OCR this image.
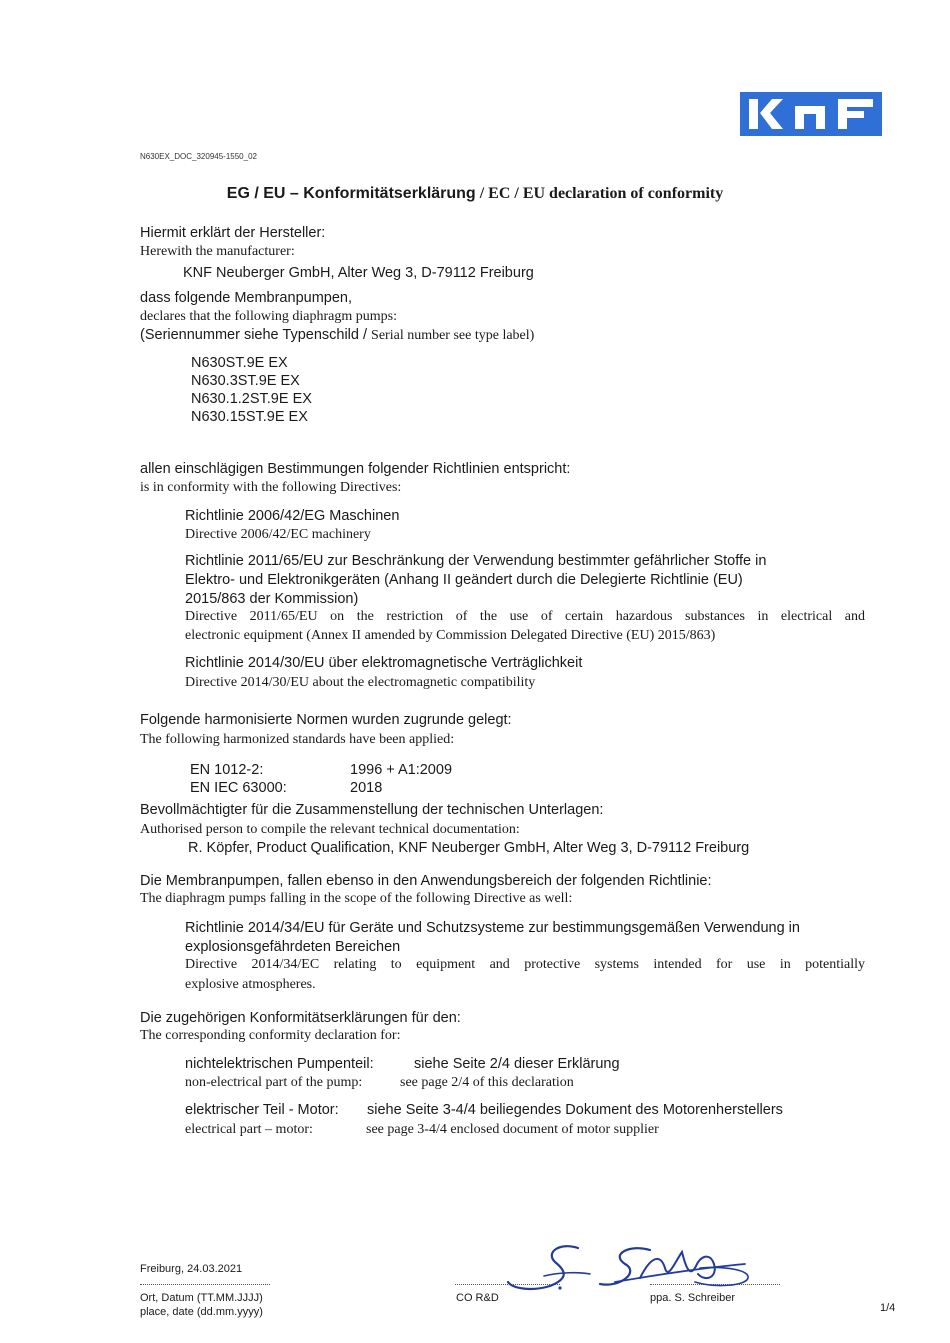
N630EX_DOC_320945-1550_02
EG / EU – Konformitätserklärung / EC / EU declaration of conformity
Hiermit erklärt der Hersteller:
Herewith the manufacturer:
KNF Neuberger GmbH, Alter Weg 3, D-79112 Freiburg
dass folgende Membranpumpen,
declares that the following diaphragm pumps:
(Seriennummer siehe Typenschild / Serial number see type label)
N630ST.9E EX
N630.3ST.9E EX
N630.1.2ST.9E EX
N630.15ST.9E EX
allen einschlägigen Bestimmungen folgender Richtlinien entspricht:
is in conformity with the following Directives:
Richtlinie 2006/42/EG Maschinen
Directive 2006/42/EC machinery
Richtlinie 2011/65/EU zur Beschränkung der Verwendung bestimmter gefährlicher Stoffe in
Elektro- und Elektronikgeräten (Anhang II geändert durch die Delegierte Richtlinie (EU)
2015/863 der Kommission)
Directive 2011/65/EU on the restriction of the use of certain hazardous substances in electrical and
electronic equipment (Annex II amended by Commission Delegated Directive (EU) 2015/863)
Richtlinie 2014/30/EU über elektromagnetische Verträglichkeit
Directive 2014/30/EU about the electromagnetic compatibility
Folgende harmonisierte Normen wurden zugrunde gelegt:
The following harmonized standards have been applied:
EN 1012-2:	1996 + A1:2009
EN IEC 63000:	2018
Bevollmächtigter für die Zusammenstellung der technischen Unterlagen:
Authorised person to compile the relevant technical documentation:
R. Köpfer, Product Qualification, KNF Neuberger GmbH, Alter Weg 3, D-79112 Freiburg
Die Membranpumpen, fallen ebenso in den Anwendungsbereich der folgenden Richtlinie:
The diaphragm pumps falling in the scope of the following Directive as well:
Richtlinie 2014/34/EU für Geräte und Schutzsysteme zur bestimmungsgemäßen Verwendung in
explosionsgefährdeten Bereichen
Directive 2014/34/EC relating to equipment and protective systems intended for use in potentially
explosive atmospheres.
Die zugehörigen Konformitätserklärungen für den:
The corresponding conformity declaration for:
nichtelektrischen Pumpenteil:	siehe Seite 2/4 dieser Erklärung
non-electrical part of the pump:	see page 2/4 of this declaration
elektrischer Teil - Motor: siehe Seite 3-4/4 beiliegendes Dokument des Motorenherstellers
electrical part – motor:	see page 3-4/4 enclosed document of motor supplier
Freiburg, 24.03.2021
Ort, Datum (TT.MM.JJJJ)
place, date (dd.mm.yyyy)
CO R&D	ppa. S. Schreiber
1/4
